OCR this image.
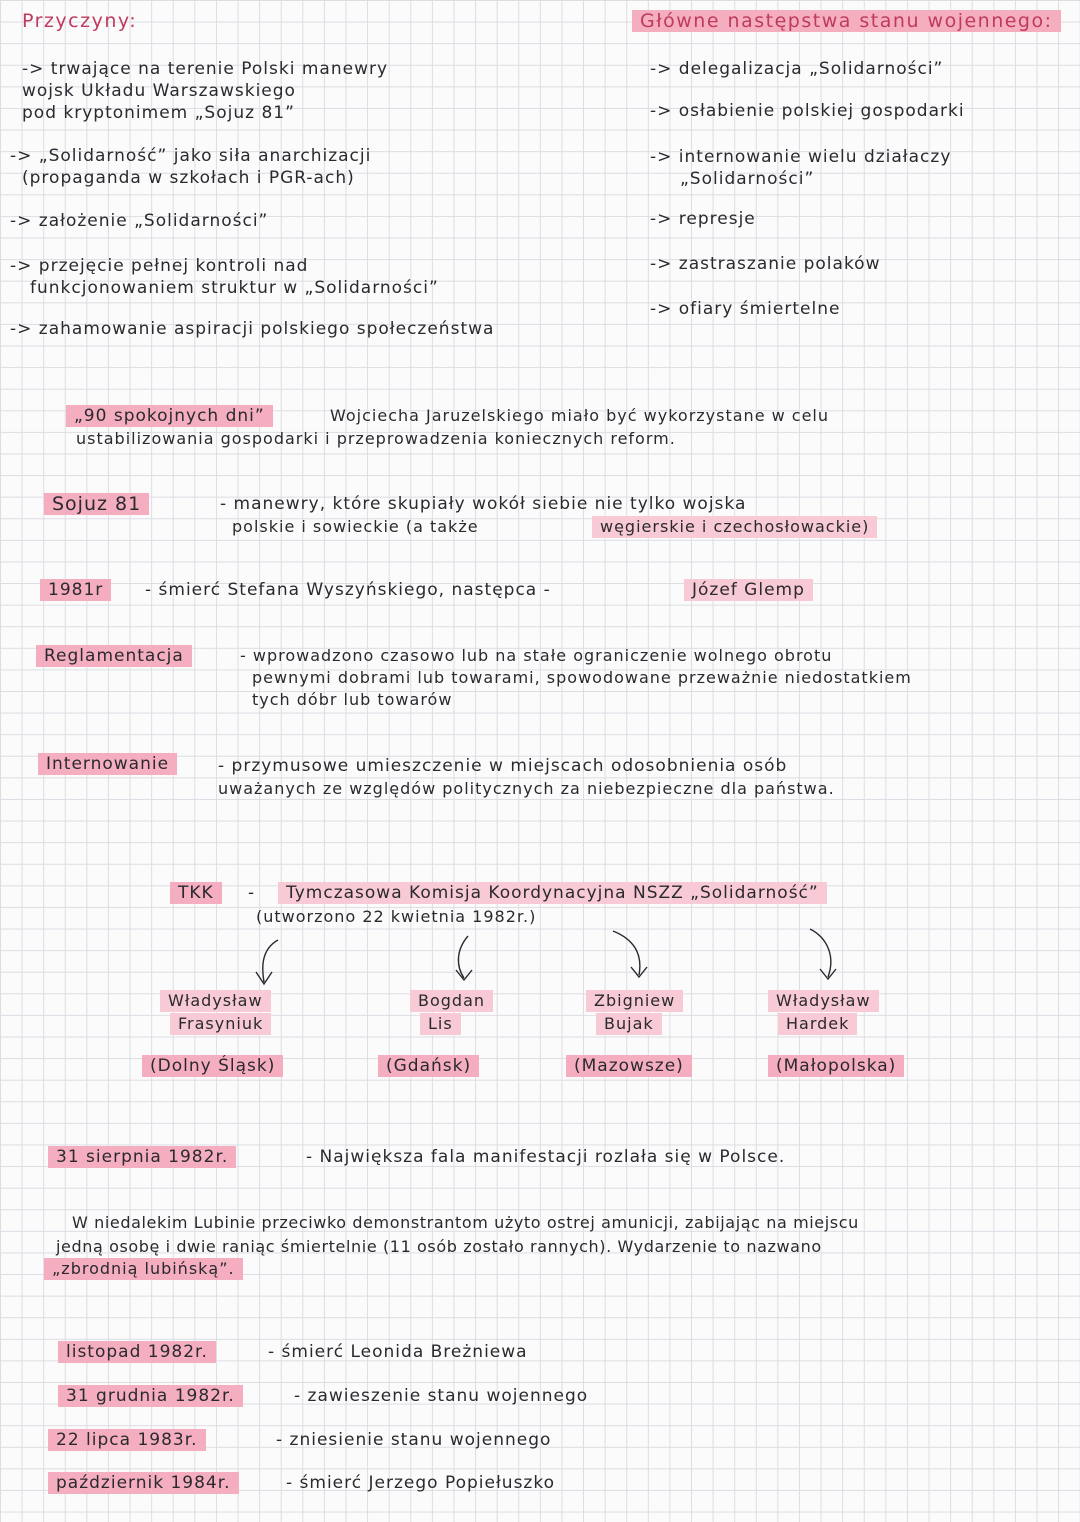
Przyczyny:
-> trwające na terenie Polski manewry
wojsk Układu Warszawskiego
pod kryptonimem „Sojuz 81”
-> „Solidarność” jako siła anarchizacji
(propaganda w szkołach i PGR-ach)
-> założenie „Solidarności”
-> przejęcie pełnej kontroli nad
funkcjonowaniem struktur w „Solidarności”
-> zahamowanie aspiracji polskiego społeczeństwa
Główne następstwa stanu wojennego:
-> delegalizacja „Solidarności”
-> osłabienie polskiej gospodarki
-> internowanie wielu działaczy
„Solidarności”
-> represje
-> zastraszanie polaków
-> ofiary śmiertelne
„90 spokojnych dni”	Wojciecha Jaruzelskiego miało być wykorzystane w celu
ustabilizowania gospodarki i przeprowadzenia koniecznych reform.
Sojuz 81	- manewry, które skupiały wokół siebie nie tylko wojska
polskie i sowieckie (a także	węgierskie i czechosłowackie)
1981r	- śmierć Stefana Wyszyńskiego, następca -	Józef Glemp
Reglamentacja	- wprowadzono czasowo lub na stałe ograniczenie wolnego obrotu
pewnymi dobrami lub towarami, spowodowane przeważnie niedostatkiem
tych dóbr lub towarów
Internowanie	- przymusowe umieszczenie w miejscach odosobnienia osób
uważanych ze względów politycznych za niebezpieczne dla państwa.
TKK	-	Tymczasowa Komisja Koordynacyjna NSZZ „Solidarność”
(utworzono 22 kwietnia 1982r.)
Władysław
Frasyniuk
(Dolny Śląsk)
Bogdan
Lis
(Gdańsk)
Zbigniew
Bujak
(Mazowsze)
Władysław
Hardek
(Małopolska)
31 sierpnia 1982r.	- Największa fala manifestacji rozlała się w Polsce.
W niedalekim Lubinie przeciwko demonstrantom użyto ostrej amunicji, zabijając na miejscu
jedną osobę i dwie raniąc śmiertelnie (11 osób zostało rannych). Wydarzenie to nazwano
„zbrodnią lubińską”.
listopad 1982r.	- śmierć Leonida Breżniewa
31 grudnia 1982r.	- zawieszenie stanu wojennego
22 lipca 1983r.	- zniesienie stanu wojennego
październik 1984r.	- śmierć Jerzego Popiełuszko
